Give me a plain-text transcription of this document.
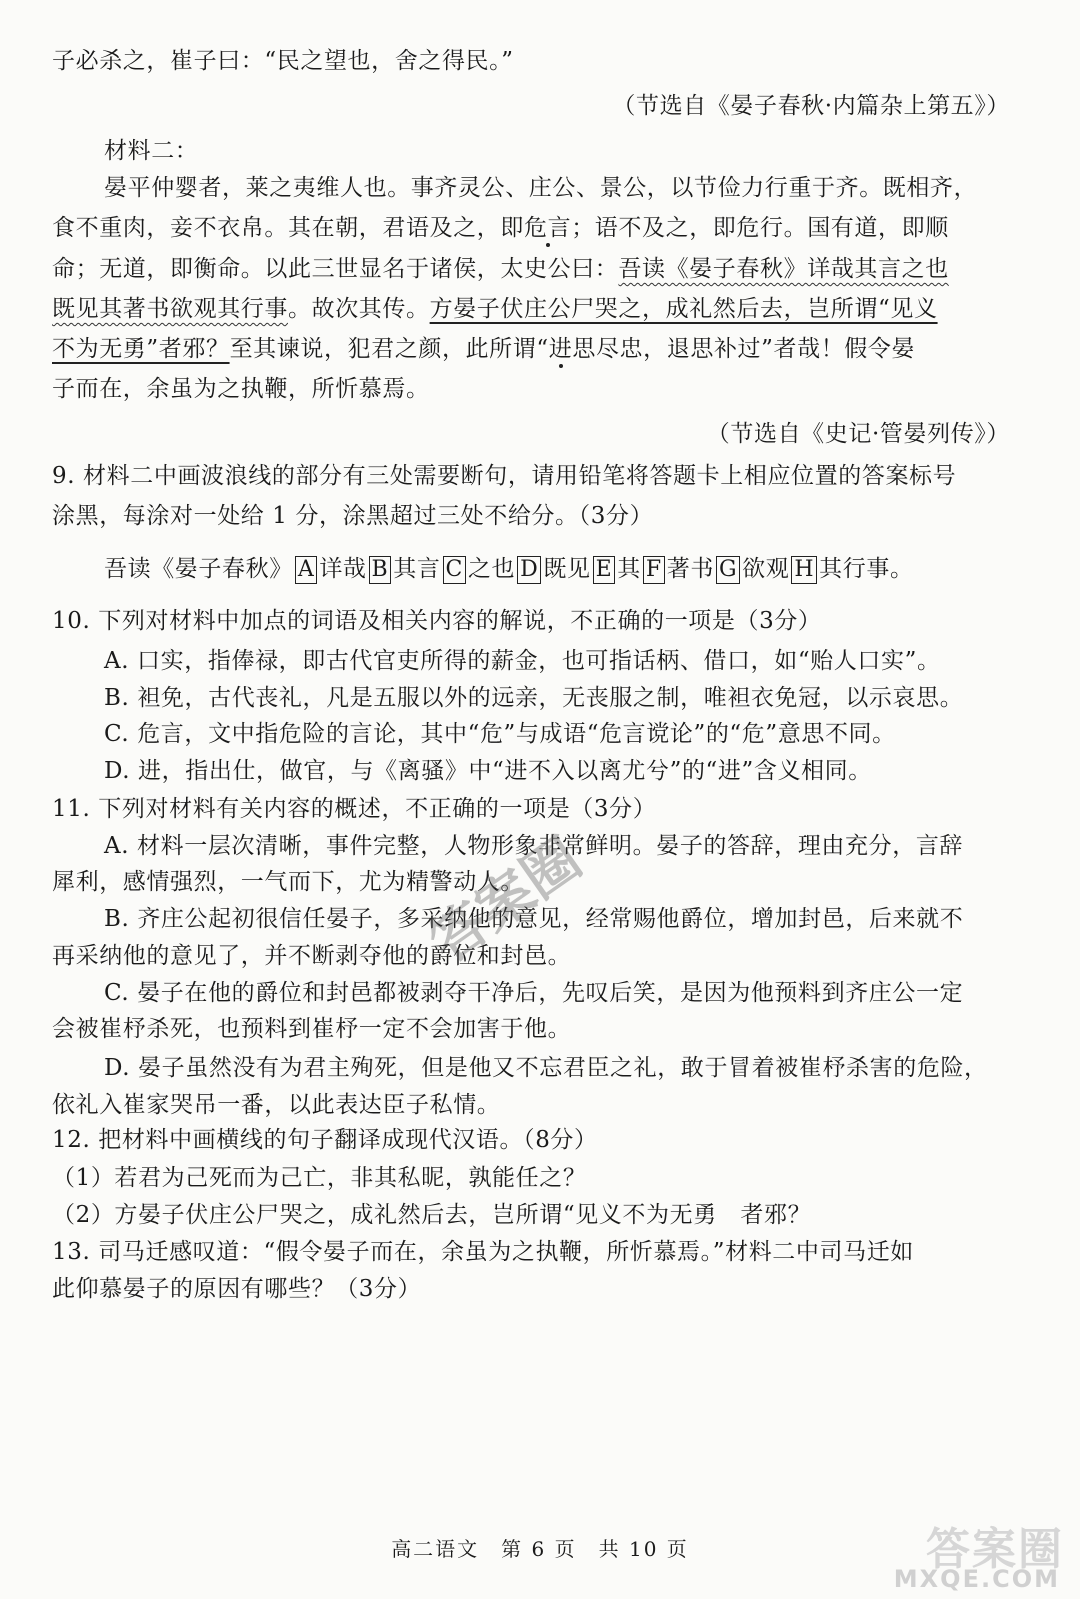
子必杀之，崔子曰：“民之望也，舍之得民。”
（节选自《晏子春秋·内篇杂上第五》）
材料二：
晏平仲婴者，莱之夷维人也。事齐灵公、庄公、景公，以节俭力行重于齐。既相齐，
食不重肉，妾不衣帛。其在朝，君语及之，即危言；语不及之，即危行。国有道，即顺
命；无道，即衡命。以此三世显名于诸侯，太史公曰：吾读《晏子春秋》详哉其言之也
既见其著书欲观其行事。故次其传。方晏子伏庄公尸哭之，成礼然后去，岂所谓“见义
不为无勇”者邪？至其谏说，犯君之颜，此所谓“进思尽忠，退思补过”者哉！假令晏
子而在，余虽为之执鞭，所忻慕焉。
（节选自《史记·管晏列传》）
9. 材料二中画波浪线的部分有三处需要断句，请用铅笔将答题卡上相应位置的答案标号
涂黑，每涂对一处给 1 分，涂黑超过三处不给分。（3分）
吾读《晏子春秋》 A 详哉 B 其言 C 之也 D 既见 E 其 F 著书 G 欲观 H 其行事。
10. 下列对材料中加点的词语及相关内容的解说，不正确的一项是（3分）
A. 口实，指俸禄，即古代官吏所得的薪金，也可指话柄、借口，如“贻人口实”。
B. 袒免，古代丧礼，凡是五服以外的远亲，无丧服之制，唯袒衣免冠，以示哀思。
C. 危言，文中指危险的言论，其中“危”与成语“危言谠论”的“危”意思不同。
D. 进，指出仕，做官，与《离骚》中“进不入以离尤兮”的“进”含义相同。
11. 下列对材料有关内容的概述，不正确的一项是（3分）
A. 材料一层次清晰，事件完整，人物形象非常鲜明。晏子的答辞，理由充分，言辞
犀利，感情强烈，一气而下，尤为精警动人。
B. 齐庄公起初很信任晏子，多采纳他的意见，经常赐他爵位，增加封邑，后来就不
再采纳他的意见了，并不断剥夺他的爵位和封邑。
C. 晏子在他的爵位和封邑都被剥夺干净后，先叹后笑，是因为他预料到齐庄公一定
会被崔杼杀死，也预料到崔杼一定不会加害于他。
D. 晏子虽然没有为君主殉死，但是他又不忘君臣之礼，敢于冒着被崔杼杀害的危险，
依礼入崔家哭吊一番，以此表达臣子私情。
12. 把材料中画横线的句子翻译成现代汉语。（8分）
（1）若君为己死而为己亡，非其私昵，孰能任之？
（2）方晏子伏庄公尸哭之，成礼然后去，岂所谓“见义不为无勇　者邪？
13. 司马迁感叹道：“假令晏子而在，余虽为之执鞭，所忻慕焉。”材料二中司马迁如
此仰慕晏子的原因有哪些？（3分）
答案圈
高二语文　第 6 页　共 10 页	答案圈
MXQE.COM
